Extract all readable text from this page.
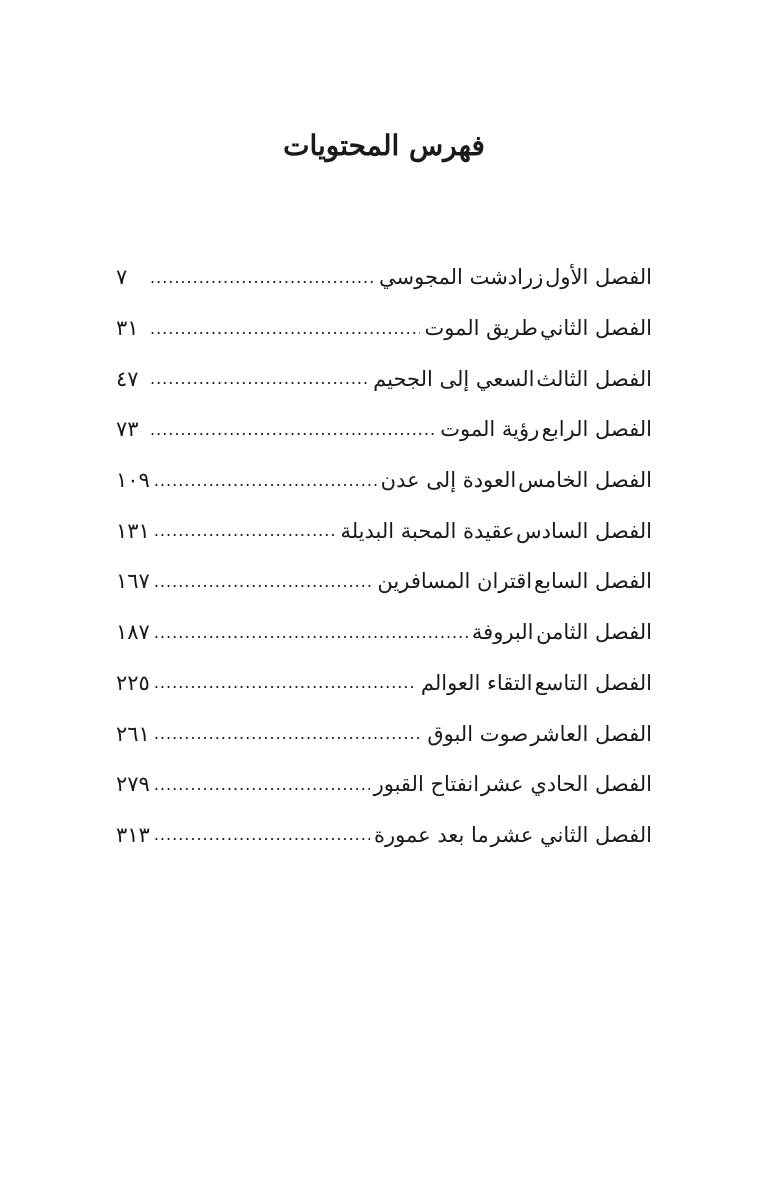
فهرس المحتويات
الفصل الأول
زرادشت المجوسي
.....
٧
الفصل الثاني
طريق الموت
.....
٣١
الفصل الثالث
السعي إلى الجحيم
.....
٤٧
الفصل الرابع
رؤية الموت
.....
٧٣
الفصل الخامس
العودة إلى عدن
.....
١٠٩
الفصل السادس
عقيدة المحبة البديلة
.....
١٣١
الفصل السابع
اقتران المسافرين
.....
١٦٧
الفصل الثامن
البروفة
.....
١٨٧
الفصل التاسع
التقاء العوالم
.....
٢٢٥
الفصل العاشر
صوت البوق
.....
٢٦١
الفصل الحادي عشر
انفتاح القبور
.....
٢٧٩
الفصل الثاني عشر
ما بعد عمورة
.....
٣١٣
